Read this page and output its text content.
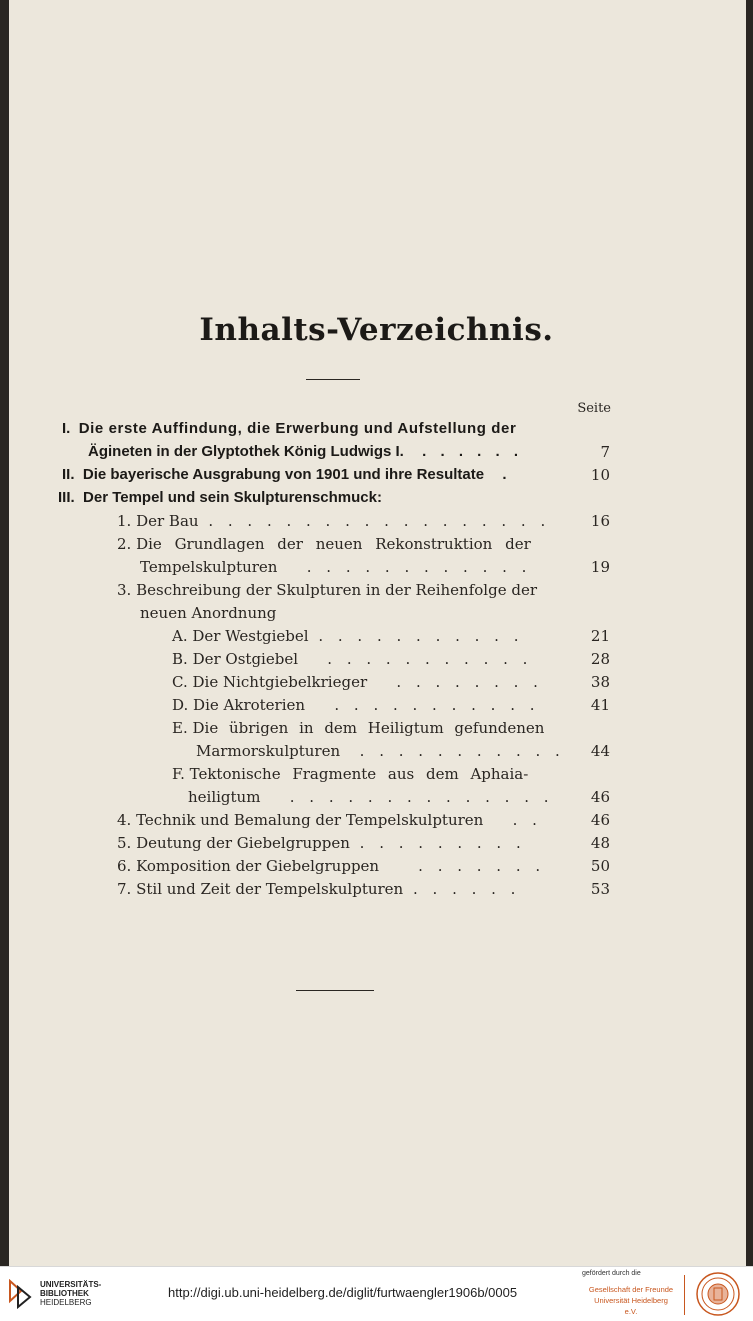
Inhalts-Verzeichnis.
Seite
I. Die erste Auffindung, die Erwerbung und Aufstellung der
Ägineten in der Glyptothek König Ludwigs I.  . . . . . .	7
II. Die bayerische Ausgrabung von 1901 und ihre Resultate  .	10
III. Der Tempel und sein Skulpturenschmuck:
1. Der Bau . . . . . . . . . . . . . . . . . .	16
2. Die Grundlagen der neuen Rekonstruktion der
Tempelskulpturen   . . . . . . . . . . . .	19
3. Beschreibung der Skulpturen in der Reihenfolge der
neuen Anordnung
A. Der Westgiebel . . . . . . . . . . .	21
B. Der Ostgiebel   . . . . . . . . . . .	28
C. Die Nichtgiebelkrieger   . . . . . . . .	38
D. Die Akroterien   . . . . . . . . . . .	41
E. Die übrigen in dem Heiligtum gefundenen
Marmorskulpturen  . . . . . . . . . . .	44
F. Tektonische Fragmente aus dem Aphaia-
heiligtum   . . . . . . . . . . . . . .	46
4. Technik und Bemalung der Tempelskulpturen   . .	46
5. Deutung der Giebelgruppen . . . . . . . . .	48
6. Komposition der Giebelgruppen    . . . . . . .	50
7. Stil und Zeit der Tempelskulpturen . . . . . .	53
UNIVERSITÄTS-
BIBLIOTHEK
HEIDELBERG
http://digi.ub.uni-heidelberg.de/diglit/furtwaengler1906b/0005
gefördert durch die
Gesellschaft der Freunde
Universität Heidelberg e.V.
